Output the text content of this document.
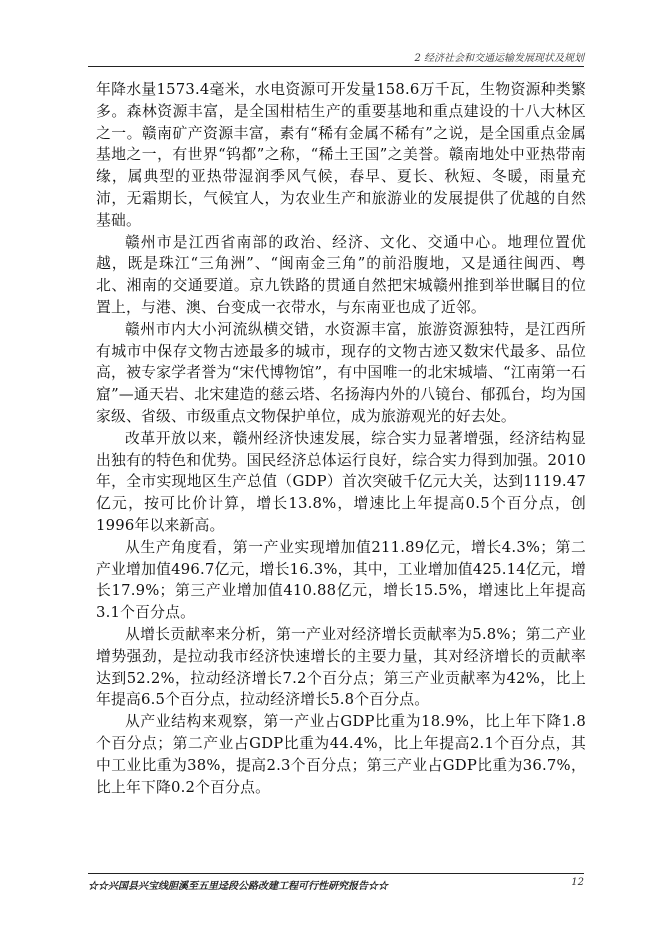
2 经济社会和交通运输发展现状及规划

年降水量1573.4毫米，水电资源可开发量158.6万千瓦，生物资源种类繁多。森林资源丰富，是全国柑桔生产的重要基地和重点建设的十八大林区之一。赣南矿产资源丰富，素有“稀有金属不稀有”之说，是全国重点金属基地之一，有世界“钨都”之称，“稀土王国”之美誉。赣南地处中亚热带南缘，属典型的亚热带湿润季风气候，春早、夏长、秋短、冬暖，雨量充沛，无霜期长，气候宜人，为农业生产和旅游业的发展提供了优越的自然基础。

赣州市是江西省南部的政治、经济、文化、交通中心。地理位置优越，既是珠江“三角洲”、“闽南金三角”的前沿腹地，又是通往闽西、粤北、湘南的交通要道。京九铁路的贯通自然把宋城赣州推到举世瞩目的位置上，与港、澳、台变成一衣带水，与东南亚也成了近邻。

赣州市内大小河流纵横交错，水资源丰富，旅游资源独特，是江西所有城市中保存文物古迹最多的城市，现存的文物古迹又数宋代最多、品位高，被专家学者誉为“宋代博物馆”，有中国唯一的北宋城墙、“江南第一石窟”—通天岩、北宋建造的慈云塔、名扬海内外的八镜台、郁孤台，均为国家级、省级、市级重点文物保护单位，成为旅游观光的好去处。

改革开放以来，赣州经济快速发展，综合实力显著增强，经济结构显出独有的特色和优势。国民经济总体运行良好，综合实力得到加强。2010年，全市实现地区生产总值（GDP）首次突破千亿元大关，达到1119.47亿元，按可比价计算，增长13.8%，增速比上年提高0.5个百分点，创1996年以来新高。

从生产角度看，第一产业实现增加值211.89亿元，增长4.3%；第二产业增加值496.7亿元，增长16.3%，其中，工业增加值425.14亿元，增长17.9%；第三产业增加值410.88亿元，增长15.5%，增速比上年提高3.1个百分点。

从增长贡献率来分析，第一产业对经济增长贡献率为5.8%；第二产业增势强劲，是拉动我市经济快速增长的主要力量，其对经济增长的贡献率达到52.2%，拉动经济增长7.2个百分点；第三产业贡献率为42%，比上年提高6.5个百分点，拉动经济增长5.8个百分点。

从产业结构来观察，第一产业占GDP比重为18.9%，比上年下降1.8个百分点；第二产业占GDP比重为44.4%，比上年提高2.1个百分点，其中工业比重为38%，提高2.3个百分点；第三产业占GDP比重为36.7%，比上年下降0.2个百分点。

☆☆兴国县兴宝线胆溪至五里迳段公路改建工程可行性研究报告☆☆	12
